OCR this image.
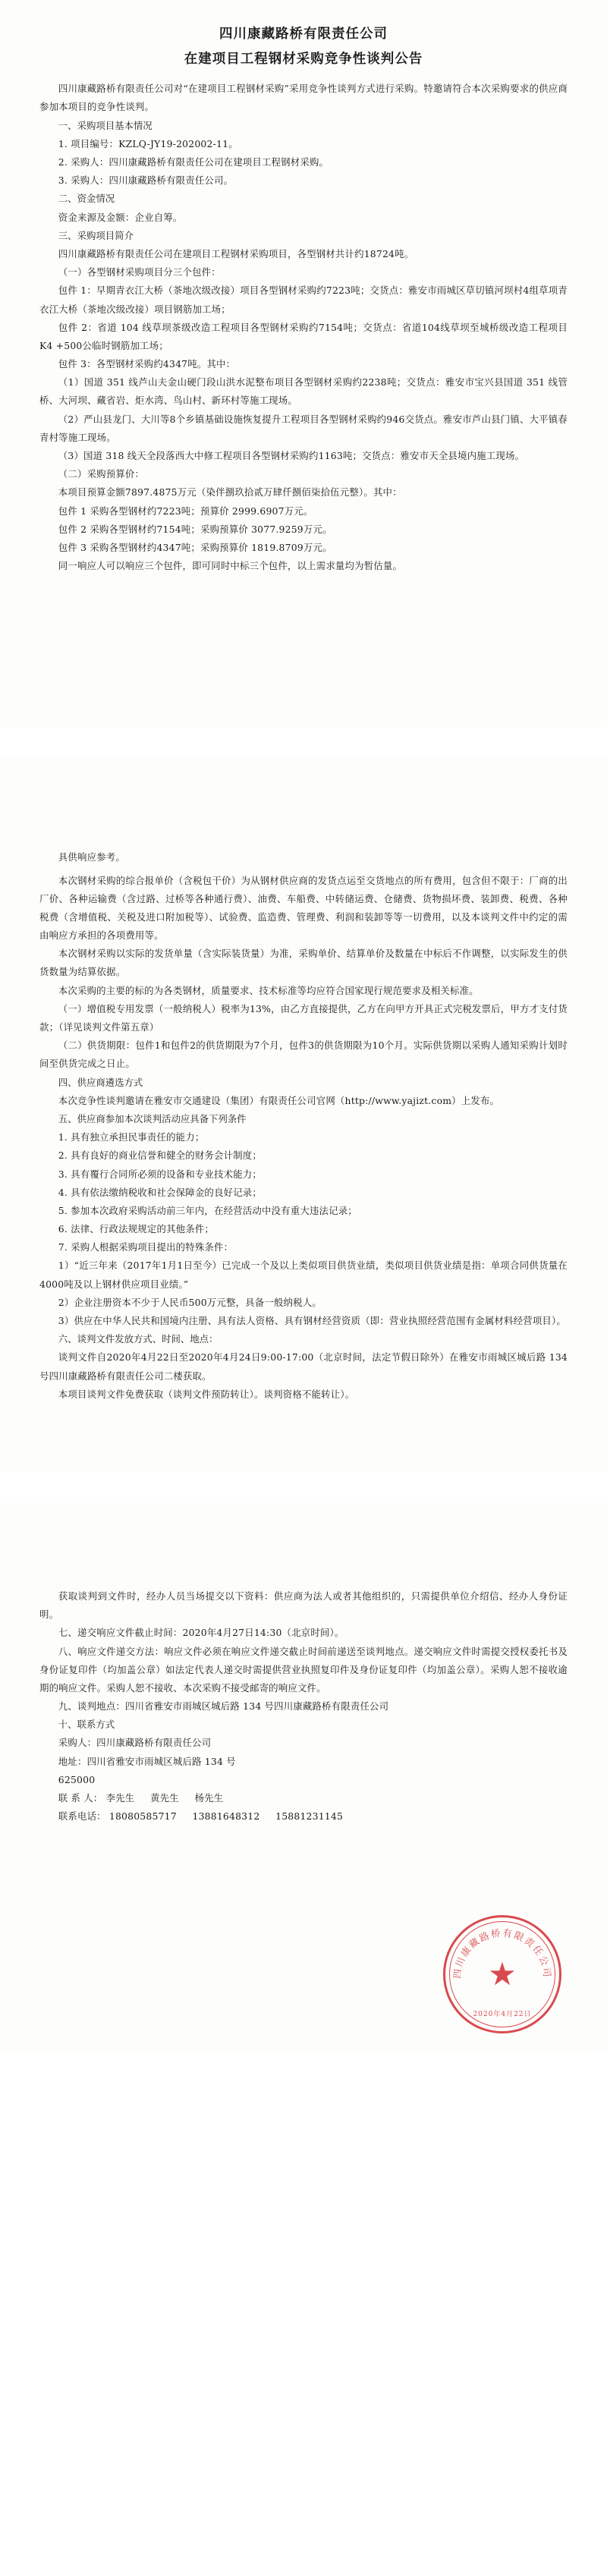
四川康藏路桥有限责任公司
在建项目工程钢材采购竞争性谈判公告

四川康藏路桥有限责任公司对“在建项目工程钢材采购”采用竞争性谈判方式进行采购。特邀请符合本次采购要求的供应商参加本项目的竞争性谈判。

一、采购项目基本情况

1. 项目编号：KZLQ-JY19-202002-11。

2. 采购人：四川康藏路桥有限责任公司在建项目工程钢材采购。

3. 采购人：四川康藏路桥有限责任公司。

二、资金情况

资金来源及金额：企业自筹。

三、采购项目简介

四川康藏路桥有限责任公司在建项目工程钢材采购项目，各型钢材共计约18724吨。

（一）各型钢材采购项目分三个包件：

包件 1：早期青衣江大桥（茶地次级改接）项目各型钢材采购约7223吨；交货点：雅安市雨城区草切镇河坝村4组草项青衣江大桥（茶地次级改接）项目钢筋加工场；

包件 2：省道 104 线草坝茶级改造工程项目各型钢材采购约7154吨；交货点：省道104线草坝至城桥级改造工程项目K4 +500公临时钢筋加工场；

包件 3：各型钢材采购约4347吨。其中：

（1）国道 351 线芦山夫金山硬门段山洪水泥整布项目各型钢材采购约2238吨；交货点：雅安市宝兴县国道 351 线管桥、大河坝、藏省岩、炬水湾、鸟山村、新环村等施工现场。

（2）严山县龙门、大川等8个乡镇基础设施恢复提升工程项目各型钢材采购约946交货点。雅安市芦山县门镇、大平镇春青村等施工现场。

（3）国道 318 线天全段落西大中修工程项目各型钢材采购约1163吨；交货点：雅安市天全县境内施工现场。

（二）采购预算价：

本项目预算金额7897.4875万元（染伴捌玖拾贰万肆仟捌佰柒拾伍元整）。其中：

包件 1 采购各型钢材约7223吨；预算价 2999.6907万元。

包件 2 采购各型钢材约7154吨；采购预算价 3077.9259万元。

包件 3 采购各型钢材约4347吨；采购预算价 1819.8709万元。

同一响应人可以响应三个包件，即可同时中标三个包件，以上需求量均为暂估量。

具供响应参考。

本次钢材采购的综合报单价（含税包干价）为从钢材供应商的发货点运至交货地点的所有费用，包含但不限于：厂商的出厂价、各种运输费（含过路、过桥等各种通行费）、油费、车船费、中转储运费、仓储费、货物损坏费、装卸费、税费、各种税费（含增值税、关税及进口附加税等）、试验费、监造费、管理费、利润和装卸等等一切费用，以及本谈判文件中约定的需由响应方承担的各项费用等。

本次钢材采购以实际的发货单量（含实际装货量）为准，采购单价、结算单价及数量在中标后不作调整，以实际发生的供货数量为结算依据。

本次采购的主要的标的为各类钢材，质量要求、技术标准等均应符合国家现行规范要求及相关标准。

（一）增值税专用发票（一般纳税人）税率为13%，由乙方直接提供，乙方在向甲方开具正式完税发票后，甲方才支付货款；（详见谈判文件第五章）

（二）供货期限：包件1和包件2的供货期限为7个月，包件3的供货期限为10个月。实际供货期以采购人通知采购计划时间至供货完成之日止。

四、供应商遴选方式

本次竞争性谈判邀请在雅安市交通建设（集团）有限责任公司官网（http://www.yajizt.com）上发布。

五、供应商参加本次谈判活动应具备下列条件

1. 具有独立承担民事责任的能力；

2. 具有良好的商业信誉和健全的财务会计制度；

3. 具有覆行合同所必须的设备和专业技术能力；

4. 具有依法缴纳税收和社会保障金的良好记录；

5. 参加本次政府采购活动前三年内，在经营活动中没有重大违法记录；

6. 法律、行政法规规定的其他条件；

7. 采购人根据采购项目提出的特殊条件：

1）“近三年来（2017年1月1日至今）已完成一个及以上类似项目供货业绩，类似项目供货业绩是指：单项合同供货量在4000吨及以上钢材供应项目业绩。”

2）企业注册资本不少于人民币500万元整，具备一般纳税人。

3）供应在中华人民共和国境内注册、具有法人资格、具有钢材经营资质（即：营业执照经营范围有金属材料经营项目）。

六、谈判文件发放方式、时间、地点：

谈判文件自2020年4月22日至2020年4月24日9:00-17:00（北京时间，法定节假日除外）在雅安市雨城区城后路 134 号四川康藏路桥有限责任公司二楼获取。

本项目谈判文件免费获取（谈判文件预防转让）。谈判资格不能转让）。

获取谈判到文件时，经办人员当场提交以下资料：供应商为法人或者其他组织的，只需提供单位介绍信、经办人身份证明。

七、递交响应文件截止时间：2020年4月27日14:30（北京时间）。

八、响应文件递交方法：响应文件必须在响应文件递交截止时间前递送至谈判地点。递交响应文件时需提交授权委托书及身份证复印件（均加盖公章）如法定代表人递交时需提供营业执照复印件及身份证复印件（均加盖公章）。采购人恕不接收逾期的响应文件。采购人恕不接收、本次采购不接受邮寄的响应文件。

九、谈判地点：四川省雅安市雨城区城后路 134 号四川康藏路桥有限责任公司

十、联系方式

采购人：四川康藏路桥有限责任公司

地址：四川省雅安市雨城区城后路 134 号

625000

联 系 人： 李先生 黄先生 杨先生

联系电话： 18080585717 13881648312 15881231145

四川康藏路桥有限责任公司
★
2020年4月22日
